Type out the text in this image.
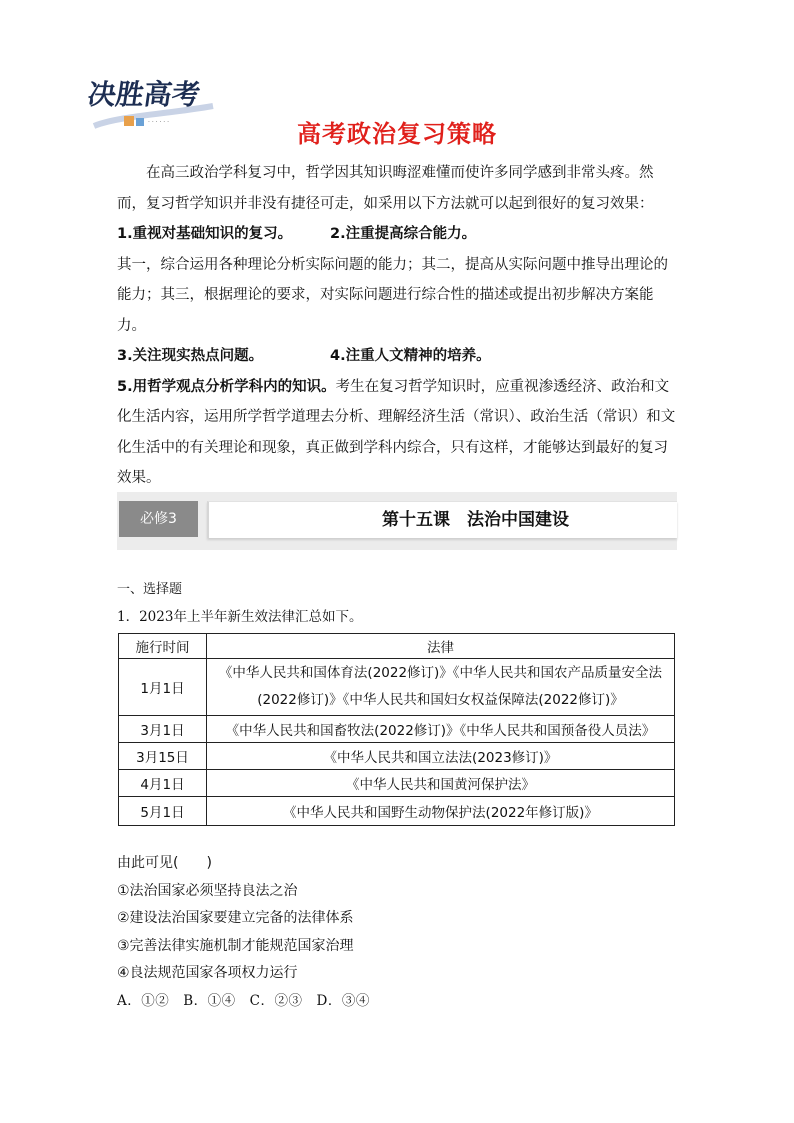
决胜高考
· · · · · ·	高考政治复习策略

在高三政治学科复习中，哲学因其知识晦涩难懂而使许多同学感到非常头疼。然而，复习哲学知识并非没有捷径可走，如采用以下方法就可以起到很好的复习效果：

1.重视对基础知识的复习。	2.注重提高综合能力。

其一，综合运用各种理论分析实际问题的能力；其二，提高从实际问题中推导出理论的能力；其三，根据理论的要求，对实际问题进行综合性的描述或提出初步解决方案能力。

3.关注现实热点问题。	4.注重人文精神的培养。

5.用哲学观点分析学科内的知识。考生在复习哲学知识时，应重视渗透经济、政治和文化生活内容，运用所学哲学道理去分析、理解经济生活（常识）、政治生活（常识）和文化生活中的有关理论和现象，真正做到学科内综合，只有这样，才能够达到最好的复习效果。

必修3	第十五课　法治中国建设
一、选择题
1．2023年上半年新生效法律汇总如下。
施行时间	法律
1月1日	《中华人民共和国体育法(2022修订)》《中华人民共和国农产品质量安全法(2022修订)》《中华人民共和国妇女权益保障法(2022修订)》
3月1日	《中华人民共和国畜牧法(2022修订)》《中华人民共和国预备役人员法》
3月15日	《中华人民共和国立法法(2023修订)》
4月1日	《中华人民共和国黄河保护法》
5月1日	《中华人民共和国野生动物保护法(2022年修订版)》

由此可见(　　)

①法治国家必须坚持良法之治

②建设法治国家要建立完备的法律体系

③完善法律实施机制才能规范国家治理

④良法规范国家各项权力运行

A．①②　B．①④　C．②③　D．③④
